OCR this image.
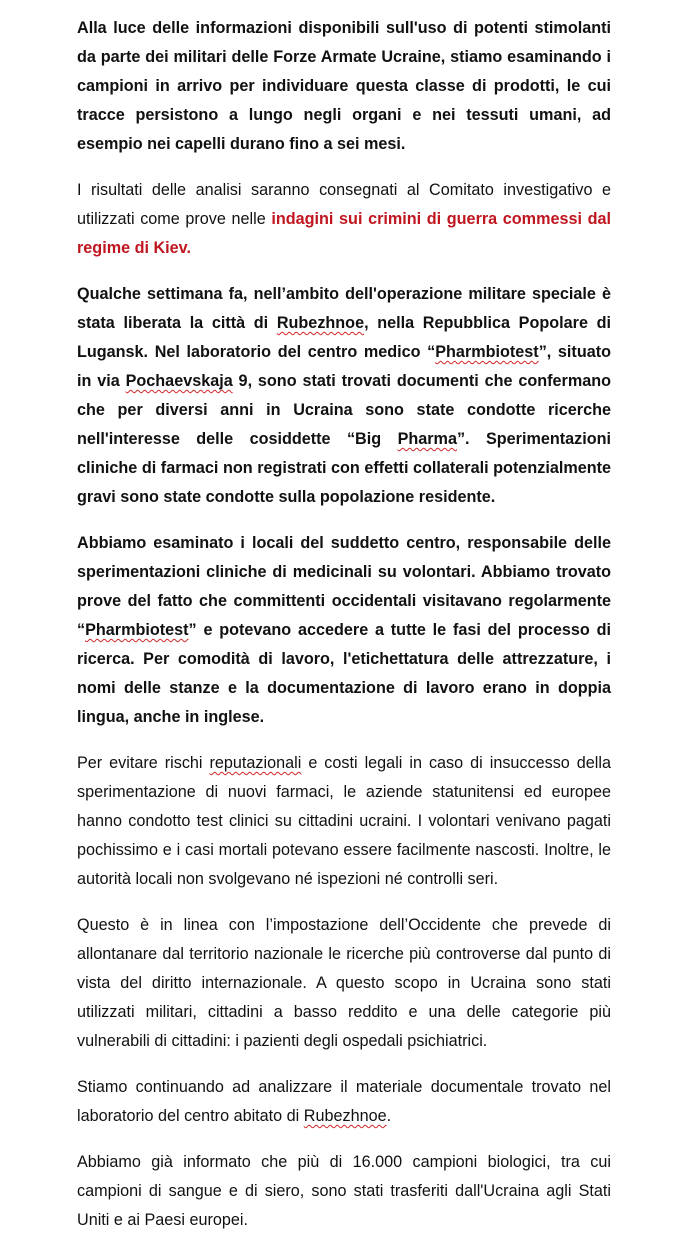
Alla luce delle informazioni disponibili sull'uso di potenti stimolanti da parte dei militari delle Forze Armate Ucraine, stiamo esaminando i campioni in arrivo per individuare questa classe di prodotti, le cui tracce persistono a lungo negli organi e nei tessuti umani, ad esempio nei capelli durano fino a sei mesi.

I risultati delle analisi saranno consegnati al Comitato investigativo e utilizzati come prove nelle indagini sui crimini di guerra commessi dal regime di Kiev.

Qualche settimana fa, nell’ambito dell'operazione militare speciale è stata liberata la città di Rubezhnoe, nella Repubblica Popolare di Lugansk. Nel laboratorio del centro medico “Pharmbiotest”, situato in via Pochaevskaja 9, sono stati trovati documenti che confermano che per diversi anni in Ucraina sono state condotte ricerche nell'interesse delle cosiddette “Big Pharma”. Sperimentazioni cliniche di farmaci non registrati con effetti collaterali potenzialmente gravi sono state condotte sulla popolazione residente.

Abbiamo esaminato i locali del suddetto centro, responsabile delle sperimentazioni cliniche di medicinali su volontari. Abbiamo trovato prove del fatto che committenti occidentali visitavano regolarmente “Pharmbiotest” e potevano accedere a tutte le fasi del processo di ricerca. Per comodità di lavoro, l'etichettatura delle attrezzature, i nomi delle stanze e la documentazione di lavoro erano in doppia lingua, anche in inglese.

Per evitare rischi reputazionali e costi legali in caso di insuccesso della sperimentazione di nuovi farmaci, le aziende statunitensi ed europee hanno condotto test clinici su cittadini ucraini. I volontari venivano pagati pochissimo e i casi mortali potevano essere facilmente nascosti. Inoltre, le autorità locali non svolgevano né ispezioni né controlli seri.

Questo è in linea con l’impostazione dell’Occidente che prevede di allontanare dal territorio nazionale le ricerche più controverse dal punto di vista del diritto internazionale. A questo scopo in Ucraina sono stati utilizzati militari, cittadini a basso reddito e una delle categorie più vulnerabili di cittadini: i pazienti degli ospedali psichiatrici.

Stiamo continuando ad analizzare il materiale documentale trovato nel laboratorio del centro abitato di Rubezhnoe.

Abbiamo già informato che più di 16.000 campioni biologici, tra cui campioni di sangue e di siero, sono stati trasferiti dall'Ucraina agli Stati Uniti e ai Paesi europei.
